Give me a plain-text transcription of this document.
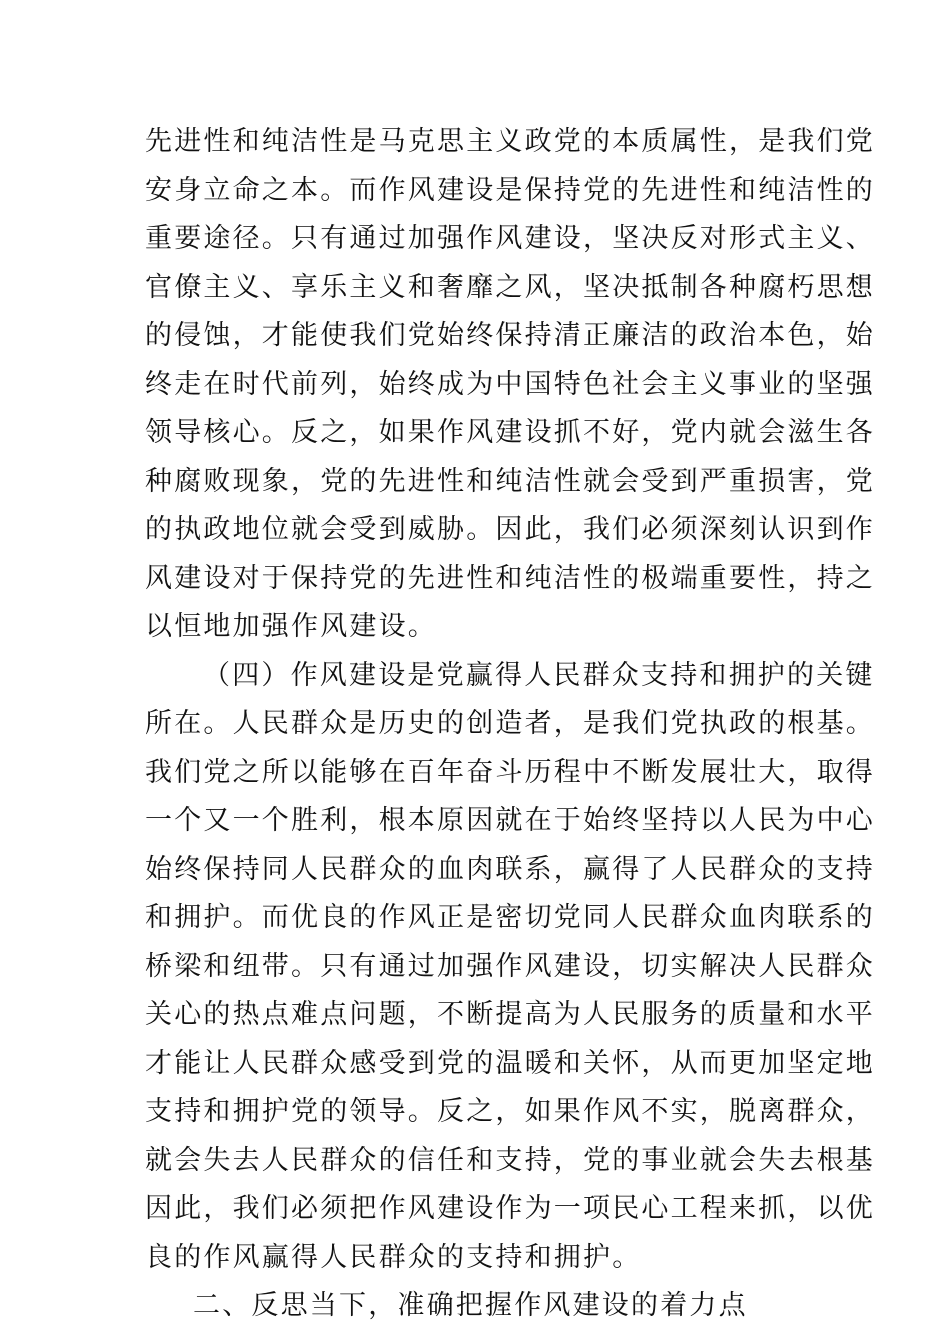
先进性和纯洁性是马克思主义政党的本质属性，是我们党
安身立命之本。而作风建设是保持党的先进性和纯洁性的
重要途径。只有通过加强作风建设，坚决反对形式主义、
官僚主义、享乐主义和奢靡之风，坚决抵制各种腐朽思想
的侵蚀，才能使我们党始终保持清正廉洁的政治本色，始
终走在时代前列，始终成为中国特色社会主义事业的坚强
领导核心。反之，如果作风建设抓不好，党内就会滋生各
种腐败现象，党的先进性和纯洁性就会受到严重损害，党
的执政地位就会受到威胁。因此，我们必须深刻认识到作
风建设对于保持党的先进性和纯洁性的极端重要性，持之
以恒地加强作风建设。
（四）作风建设是党赢得人民群众支持和拥护的关键
所在。人民群众是历史的创造者，是我们党执政的根基。
我们党之所以能够在百年奋斗历程中不断发展壮大，取得
一个又一个胜利，根本原因就在于始终坚持以人民为中心
始终保持同人民群众的血肉联系，赢得了人民群众的支持
和拥护。而优良的作风正是密切党同人民群众血肉联系的
桥梁和纽带。只有通过加强作风建设，切实解决人民群众
关心的热点难点问题，不断提高为人民服务的质量和水平
才能让人民群众感受到党的温暖和关怀，从而更加坚定地
支持和拥护党的领导。反之，如果作风不实，脱离群众，
就会失去人民群众的信任和支持，党的事业就会失去根基
因此，我们必须把作风建设作为一项民心工程来抓，以优
良的作风赢得人民群众的支持和拥护。
二、反思当下，准确把握作风建设的着力点
